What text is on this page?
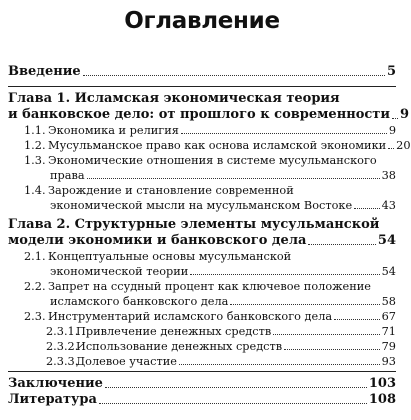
Оглавление
Введение	5
Глава 1. Исламская экономическая теория
и банковское дело: от прошлого к современности 9
1.1. Экономика и религия	9
1.2. Мусульманское право как основа исламской экономики 20
1.3. Экономические отношения в системе мусульманского
права	38
1.4. Зарождение и становление современной
экономической мысли на мусульманском Востоке	43
Глава 2. Структурные элементы мусульманской
модели экономики и банковского дела	54
2.1. Концептуальные основы мусульманской
экономической теории	54
2.2. Запрет на ссудный процент как ключевое положение
исламского банковского дела	58
2.3. Инструментарий исламского банковского дела	67
2.3.1.Привлечение денежных средств	71
2.3.2.Использование денежных средств	79
2.3.3.Долевое участие	93
Заключение	103
Литература	108
